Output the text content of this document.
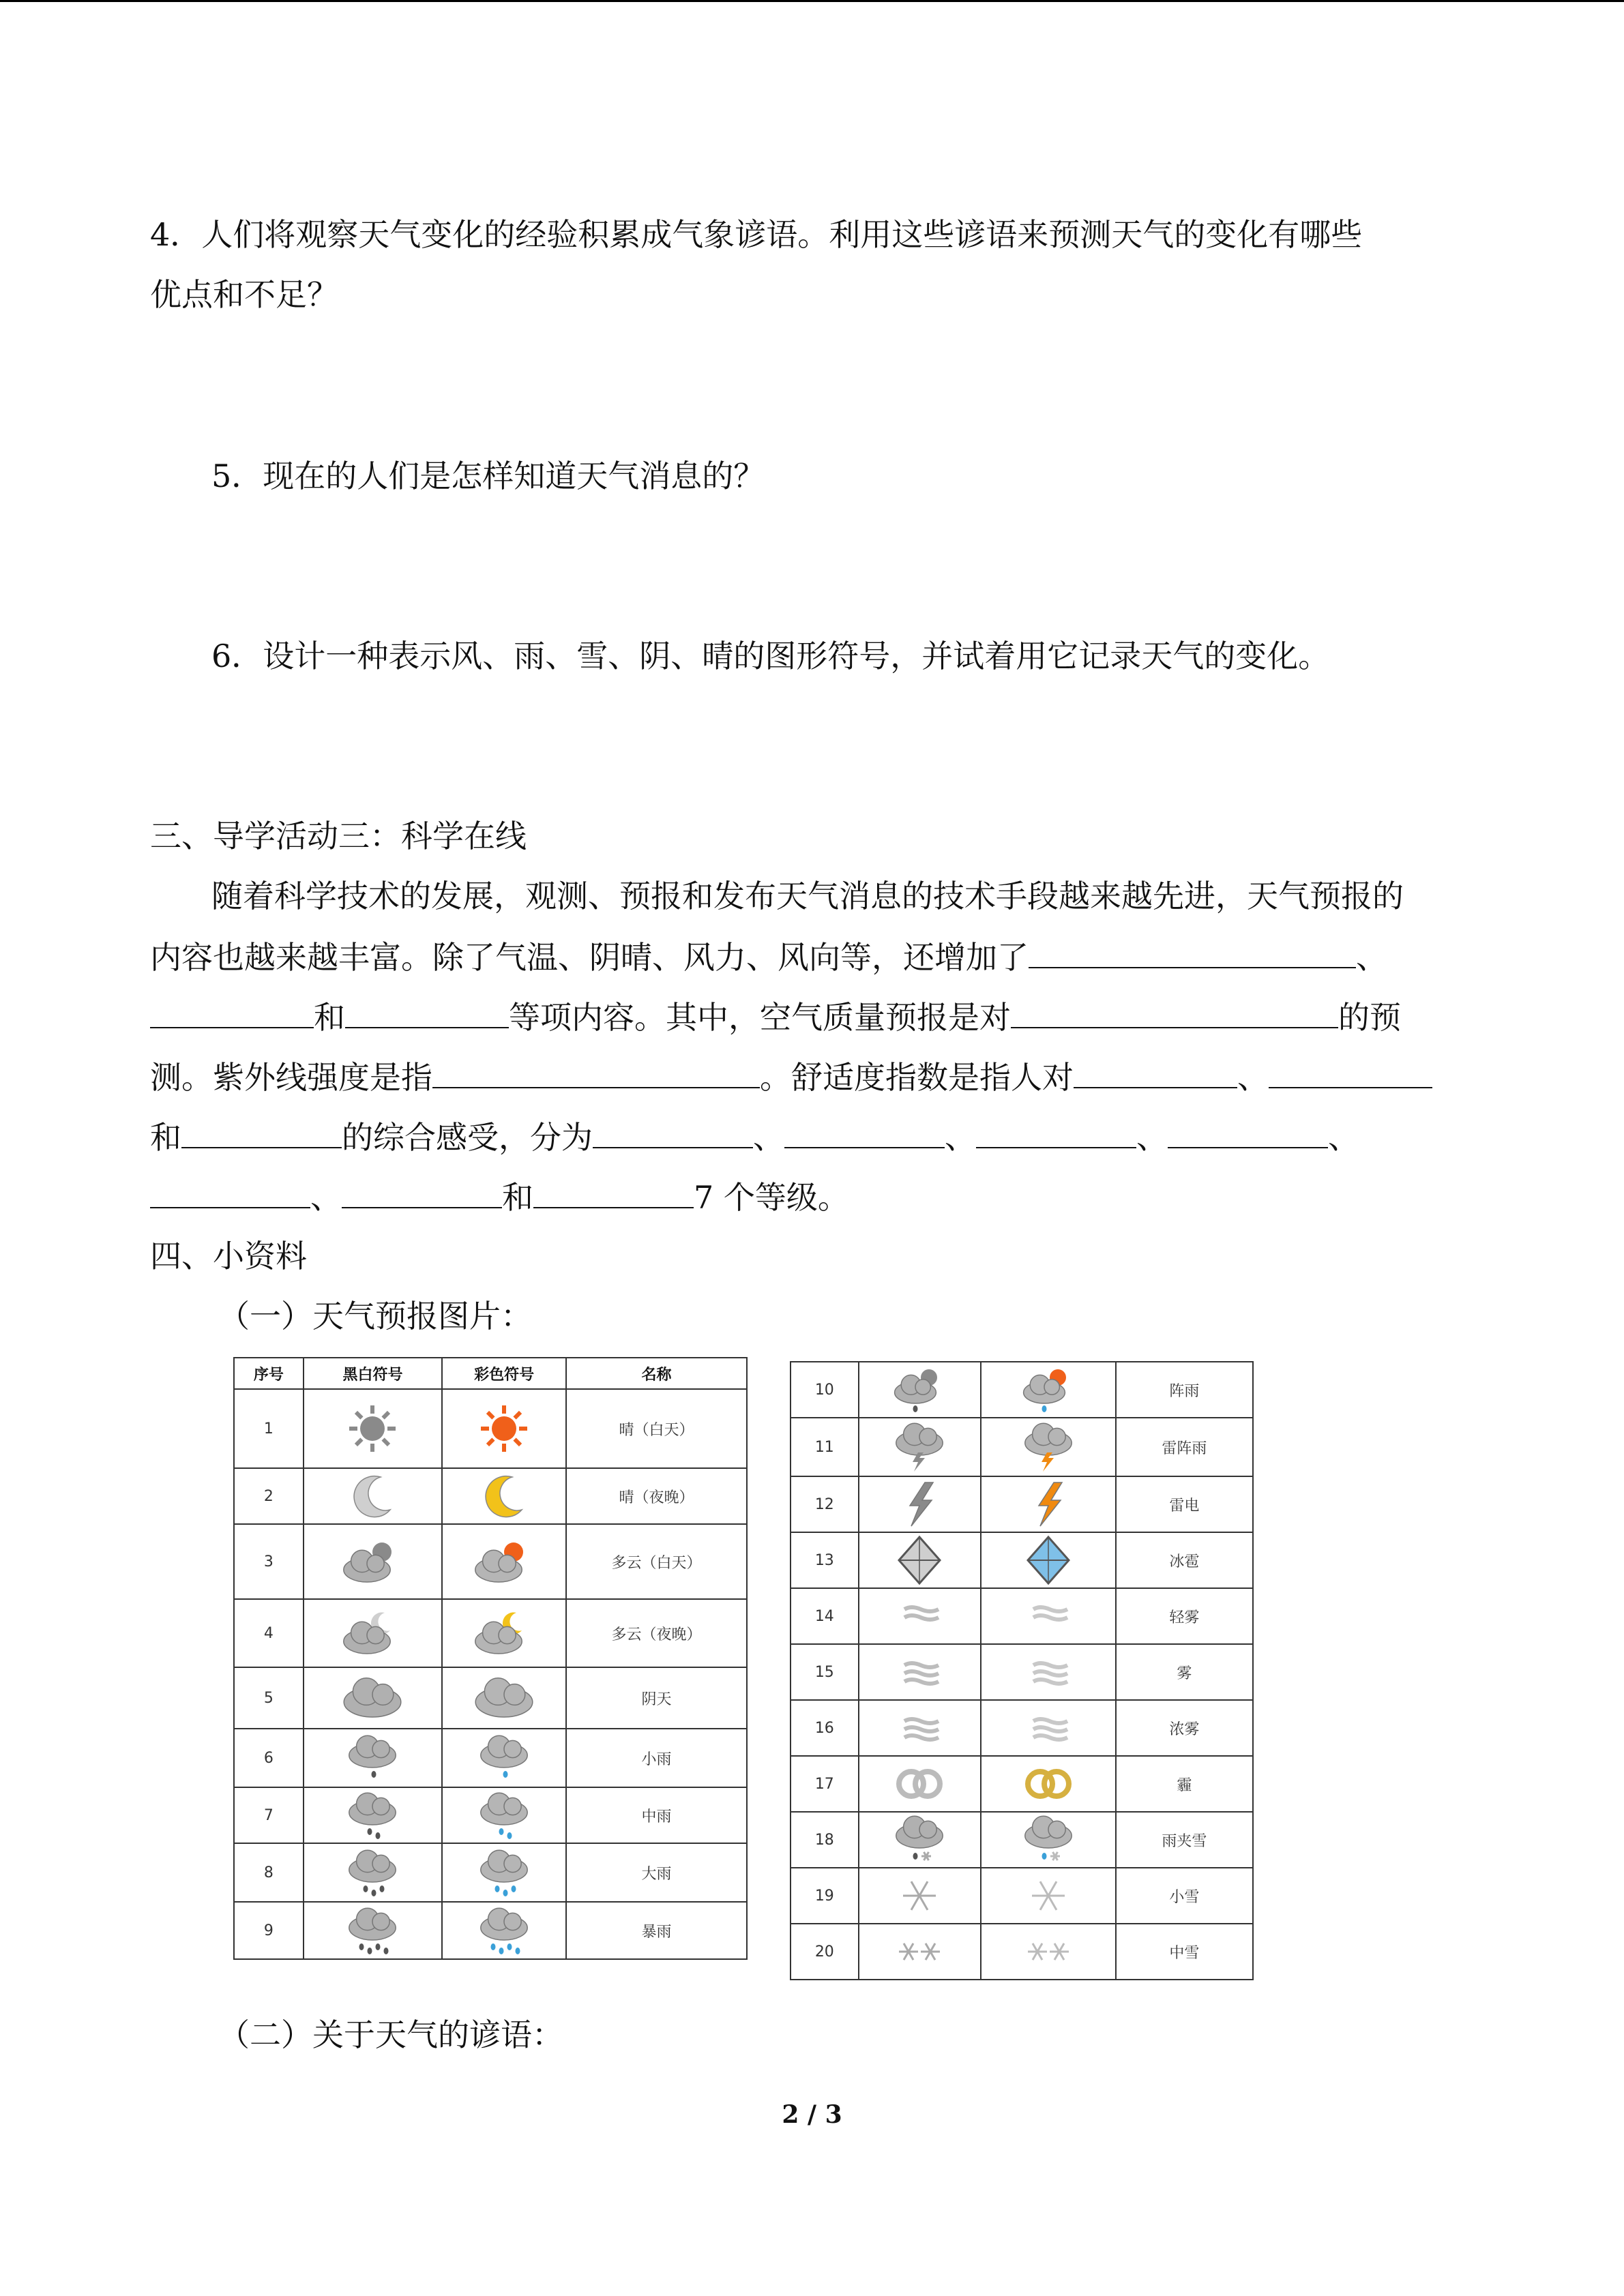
4．人们将观察天气变化的经验积累成气象谚语。利用这些谚语来预测天气的变化有哪些

优点和不足？

5．现在的人们是怎样知道天气消息的？

6．设计一种表示风、雨、雪、阴、晴的图形符号，并试着用它记录天气的变化。

三、导学活动三：科学在线

随着科学技术的发展，观测、预报和发布天气消息的技术手段越来越先进，天气预报的

内容也越来越丰富。除了气温、阴晴、风力、风向等，还增加了	、

和	等项内容。其中，空气质量预报是对	的预

测。紫外线强度是指	。舒适度指数是指人对	、

和	的综合感受，分为	、	、	、	、

、	和	7 个等级。

四、小资料

（一）天气预报图片：

序号	黑白符号	彩色符号	名称
1			晴（白天）
2			晴（夜晚）
3			多云（白天）
4			多云（夜晚）
5			阴天
6			小雨
7			中雨
8			大雨
9			暴雨
10			阵雨
11			雷阵雨
12			雷电
13			冰雹
14			轻雾
15			雾
16			浓雾
17			霾
18			雨夹雪
19			小雪
20			中雪

（二）关于天气的谚语：

2 / 3
